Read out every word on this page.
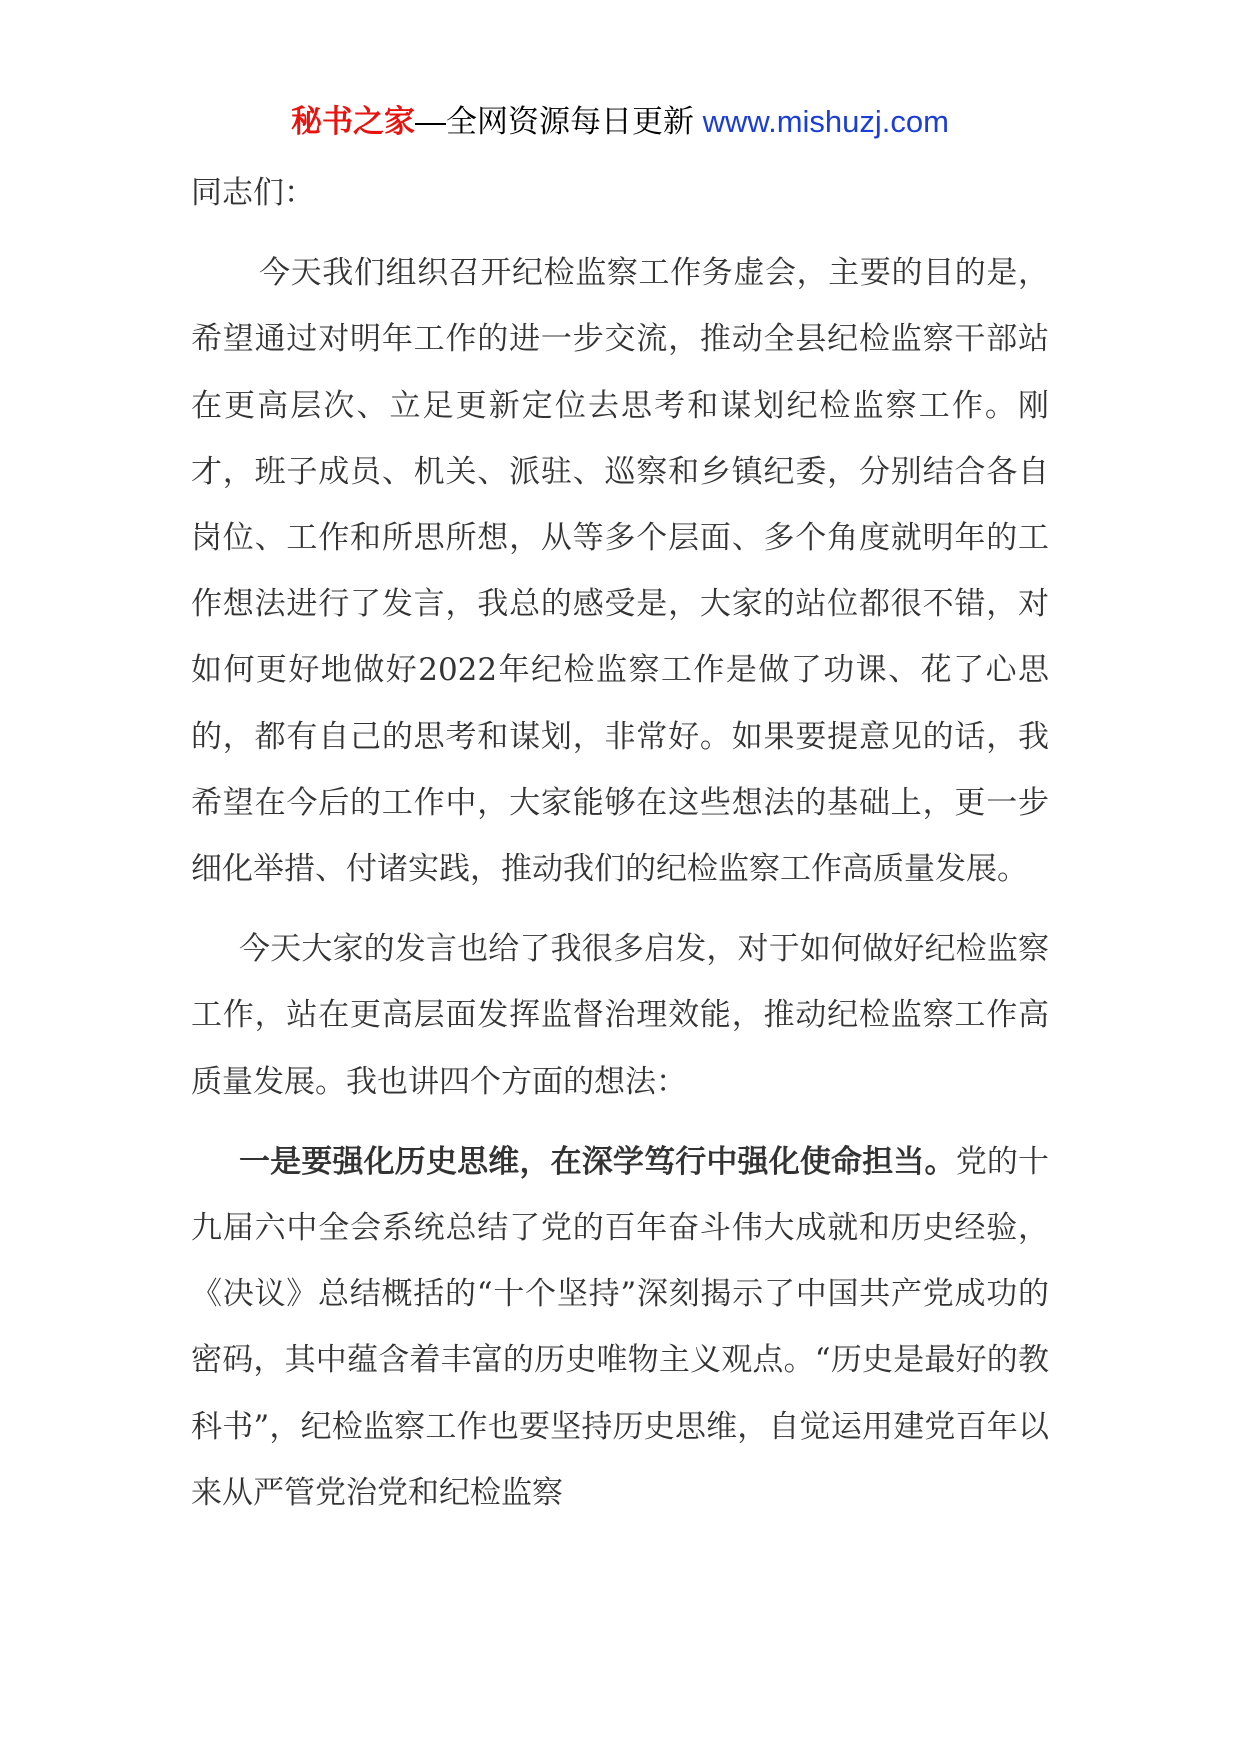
秘书之家—全网资源每日更新 www.mishuzj.com

同志们：

今天我们组织召开纪检监察工作务虚会，主要的目的是，希望通过对明年工作的进一步交流，推动全县纪检监察干部站在更高层次、立足更新定位去思考和谋划纪检监察工作。刚才，班子成员、机关、派驻、巡察和乡镇纪委，分别结合各自岗位、工作和所思所想，从等多个层面、多个角度就明年的工作想法进行了发言，我总的感受是，大家的站位都很不错，对如何更好地做好2022年纪检监察工作是做了功课、花了心思的，都有自己的思考和谋划，非常好。如果要提意见的话，我希望在今后的工作中，大家能够在这些想法的基础上，更一步细化举措、付诸实践，推动我们的纪检监察工作高质量发展。

今天大家的发言也给了我很多启发，对于如何做好纪检监察工作，站在更高层面发挥监督治理效能，推动纪检监察工作高质量发展。我也讲四个方面的想法：

一是要强化历史思维，在深学笃行中强化使命担当。党的十九届六中全会系统总结了党的百年奋斗伟大成就和历史经验，《决议》总结概括的“十个坚持”深刻揭示了中国共产党成功的密码，其中蕴含着丰富的历史唯物主义观点。“历史是最好的教科书”，纪检监察工作也要坚持历史思维，自觉运用建党百年以来从严管党治党和纪检监察
